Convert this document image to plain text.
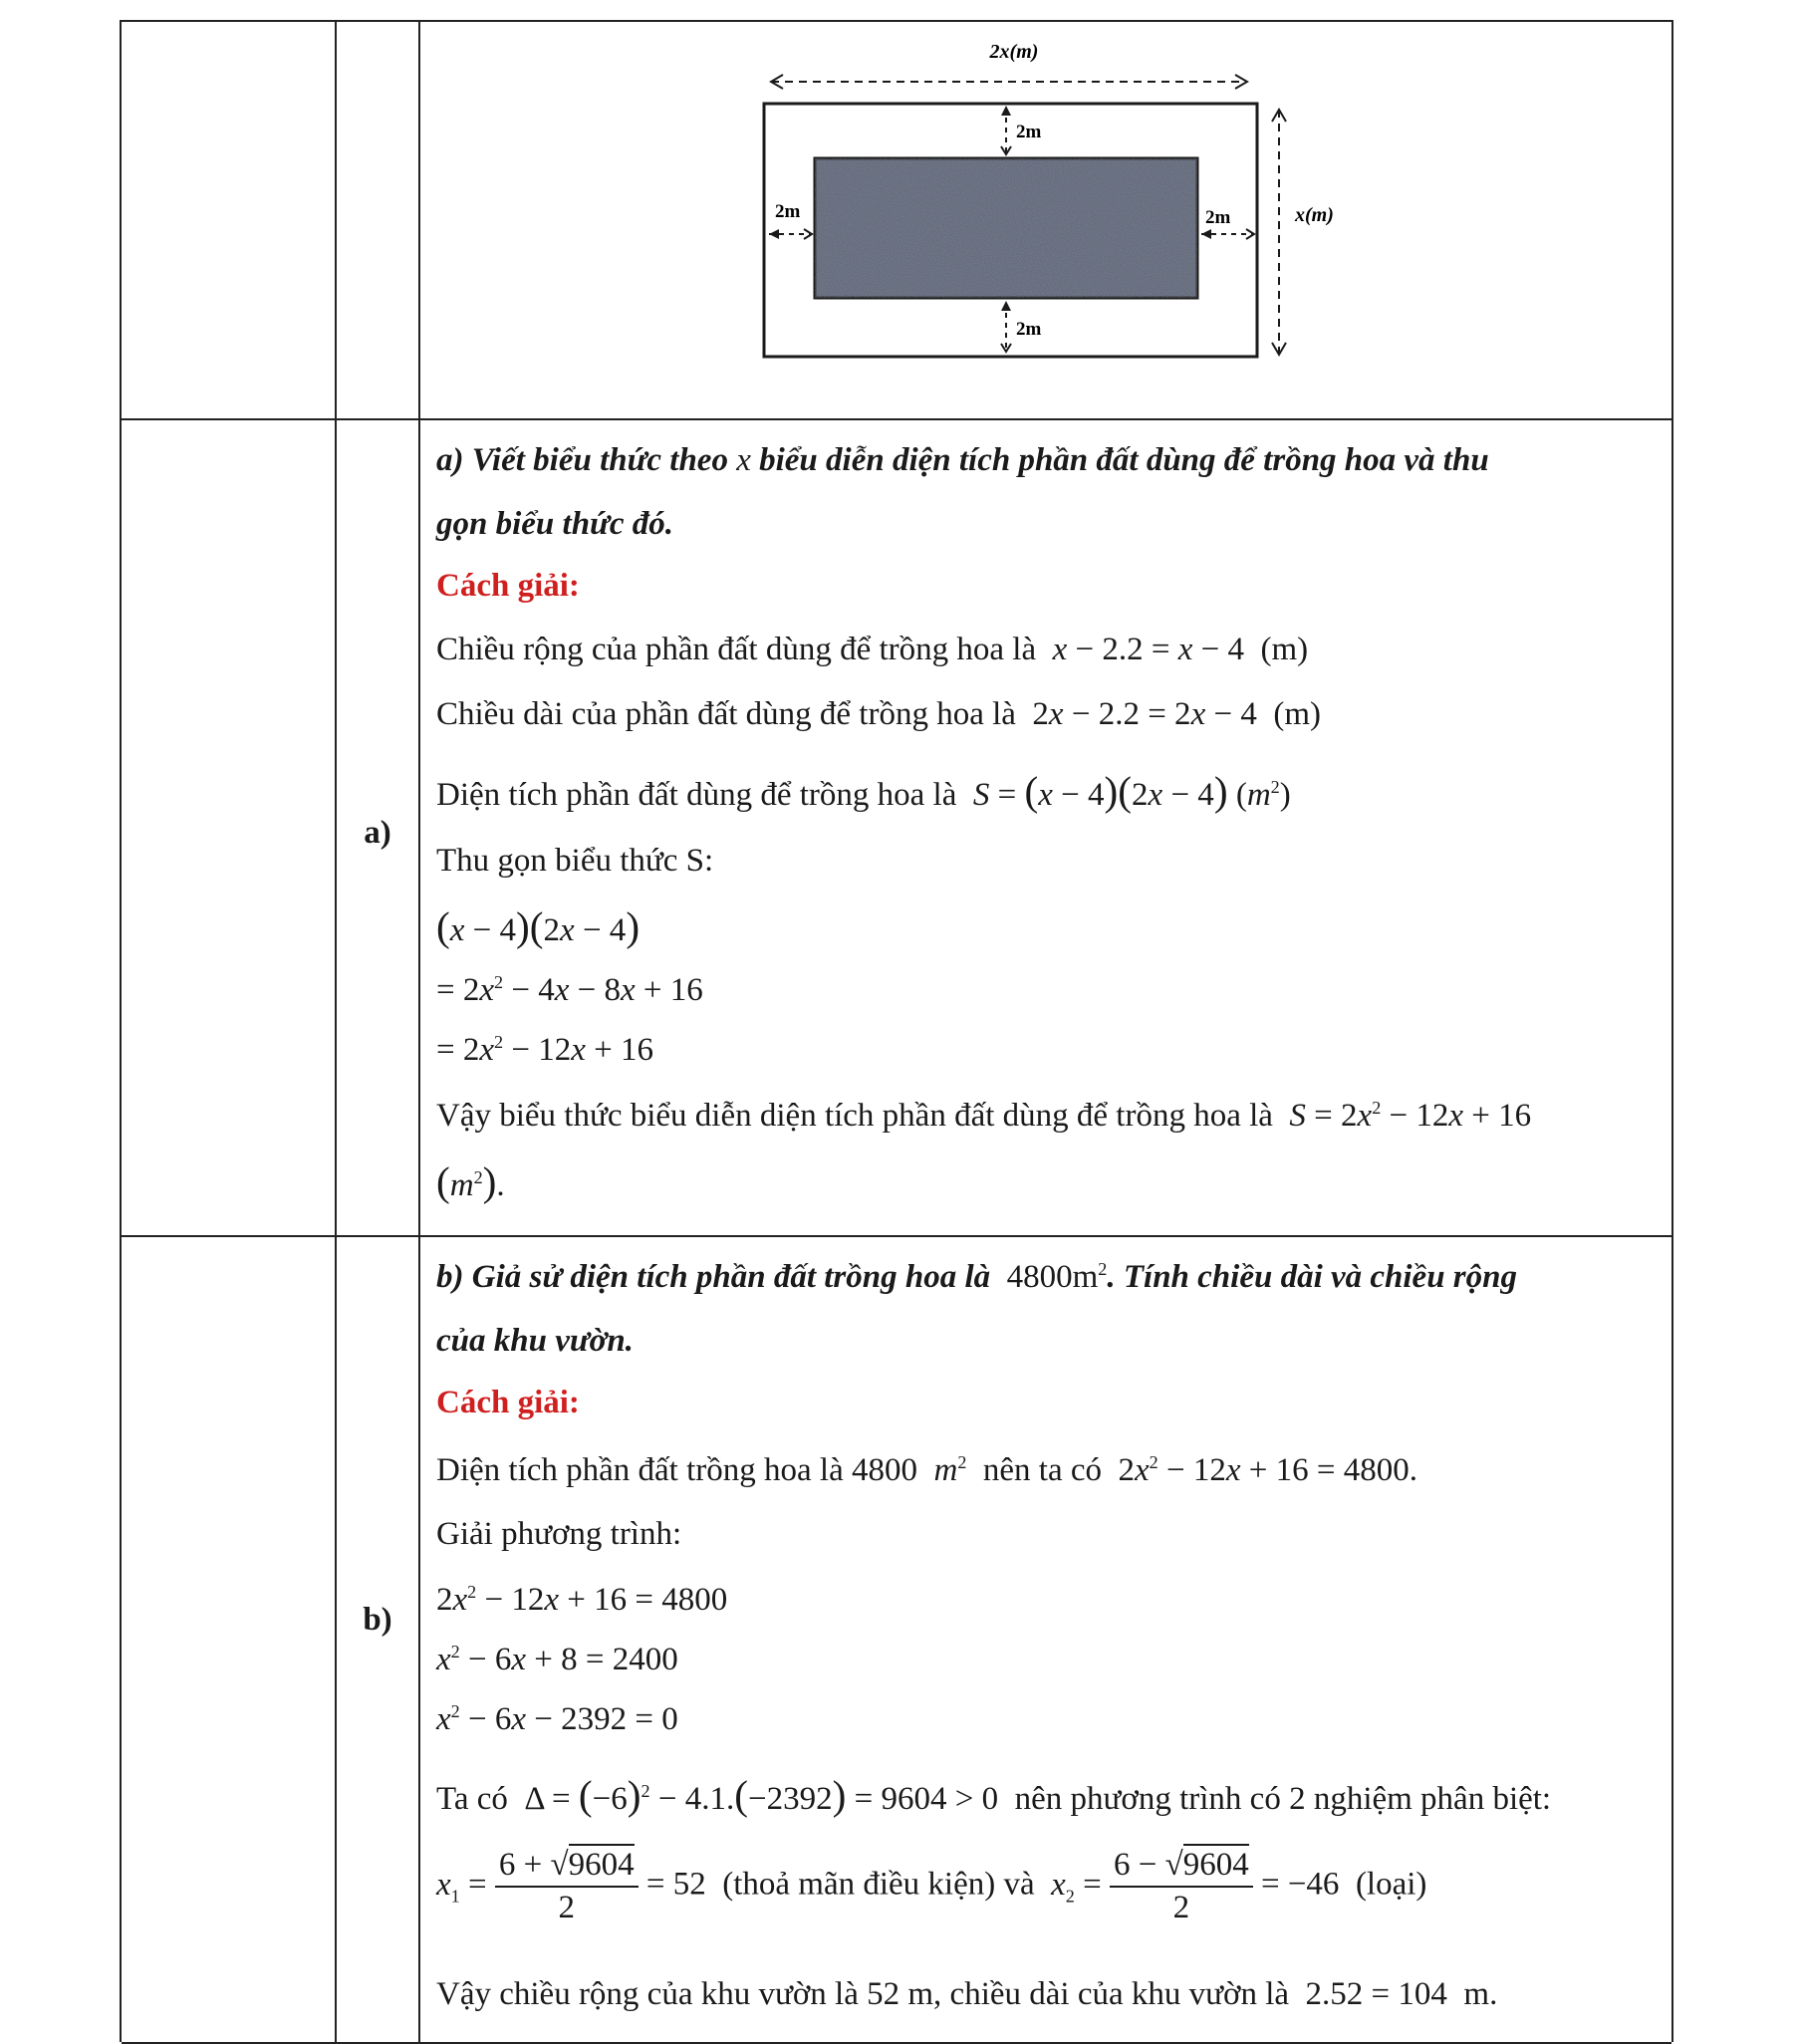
2x(m)
x(m)
2m
2m
2m	2m
a)
a) Viết biểu thức theo x biểu diễn diện tích phần đất dùng để trồng hoa và thu
gọn biểu thức đó.
Cách giải:
Chiều rộng của phần đất dùng để trồng hoa là x − 2.2 = x − 4  (m)
Chiều dài của phần đất dùng để trồng hoa là  2x − 2.2 = 2x − 4  (m)
Diện tích phần đất dùng để trồng hoa là S = (x − 4)(2x − 4) $(m^2)$
Thu gọn biểu thức S:
(x − 4)(2x − 4)
= $2x^2 - 4x - 8x + 16$
= $2x^2 - 12x + 16$
Vậy biểu thức biểu diễn diện tích phần đất dùng để trồng hoa là $S = 2x^2 - 12x + 16$
$(m^2)$.
b)
b) Giả sử diện tích phần đất trồng hoa là $4800m^2$. Tính chiều dài và chiều rộng
của khu vườn.
Cách giải:
Diện tích phần đất trồng hoa là 4800 $m^2$ nên ta có  $2x^2 - 12x + 16 = 4800$.
Giải phương trình:
$2x^2 - 12x + 16 = 4800$
$x^2 - 6x + 8 = 2400$
$x^2 - 6x - 2392 = 0$
Ta có  $\Delta = (-6)^2 - 4.1.(-2392) = 9604 > 0$  nên phương trình có 2 nghiệm phân biệt:
$x_1 = \frac{6 + √9604}{2} = 52$  (thoả mãn điều kiện) và $x_2 = \frac{6 - √9604}{2} = -46$  (loại)
Vậy chiều rộng của khu vườn là 52 m, chiều dài của khu vườn là  2.52 = 104  m.
